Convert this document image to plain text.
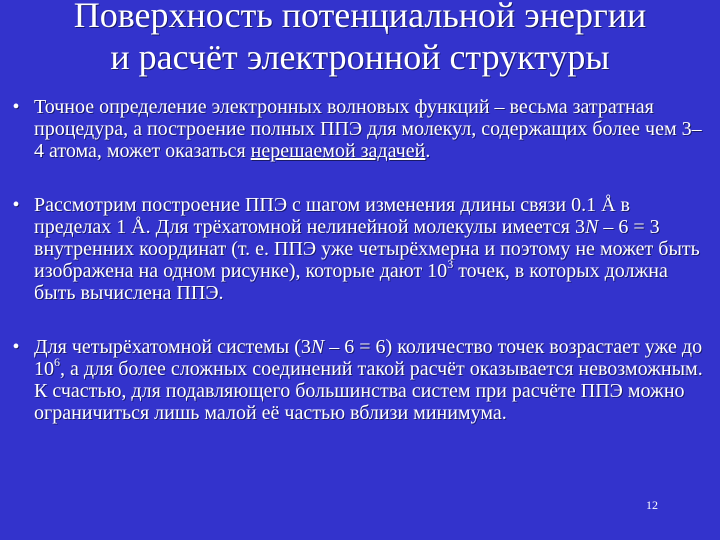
Поверхность потенциальной энергии
и расчёт электронной структуры
• Точное определение электронных волновых функций – весьма затратная процедура, а построение полных ППЭ для молекул, содержащих более чем 3–4 атома, может оказаться нерешаемой задачей.
• Рассмотрим построение ППЭ с шагом изменения длины связи 0.1 Å в пределах 1 Å. Для трёхатомной нелинейной молекулы имеется 3N – 6 = 3 внутренних координат (т. е. ППЭ уже четырёхмерна и поэтому не может быть изображена на одном рисунке), которые дают $10^3$ точек, в которых должна быть вычислена ППЭ.
• Для четырёхатомной системы (3N – 6 = 6) количество точек возрастает уже до $10^6$, а для более сложных соединений такой расчёт оказывается невозможным. К счастью, для подавляющего большинства систем при расчёте ППЭ можно ограничиться лишь малой её частью вблизи минимума.
12
